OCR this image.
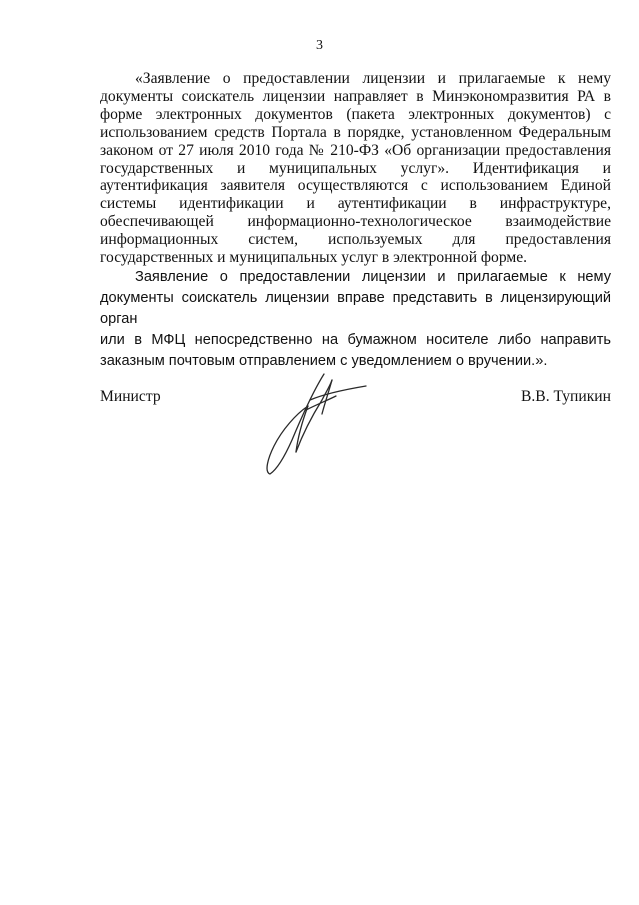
3

«Заявление о предоставлении лицензии и прилагаемые к нему

документы соискатель лицензии направляет в Минэкономразвития РА в

форме электронных документов (пакета электронных документов) с

использованием средств Портала в порядке, установленном Федеральным

законом от 27 июля 2010 года № 210-ФЗ «Об организации предоставления

государственных и муниципальных услуг». Идентификация и

аутентификация заявителя осуществляются с использованием Единой

системы идентификации и аутентификации в инфраструктуре,

обеспечивающей информационно-технологическое взаимодействие

информационных систем, используемых для предоставления

государственных и муниципальных услуг в электронной форме.

Заявление о предоставлении лицензии и прилагаемые к нему

документы соискатель лицензии вправе представить в лицензирующий орган

или в МФЦ непосредственно на бумажном носителе либо направить

заказным почтовым отправлением с уведомлением о вручении.».

Министр	В.В. Тупикин
